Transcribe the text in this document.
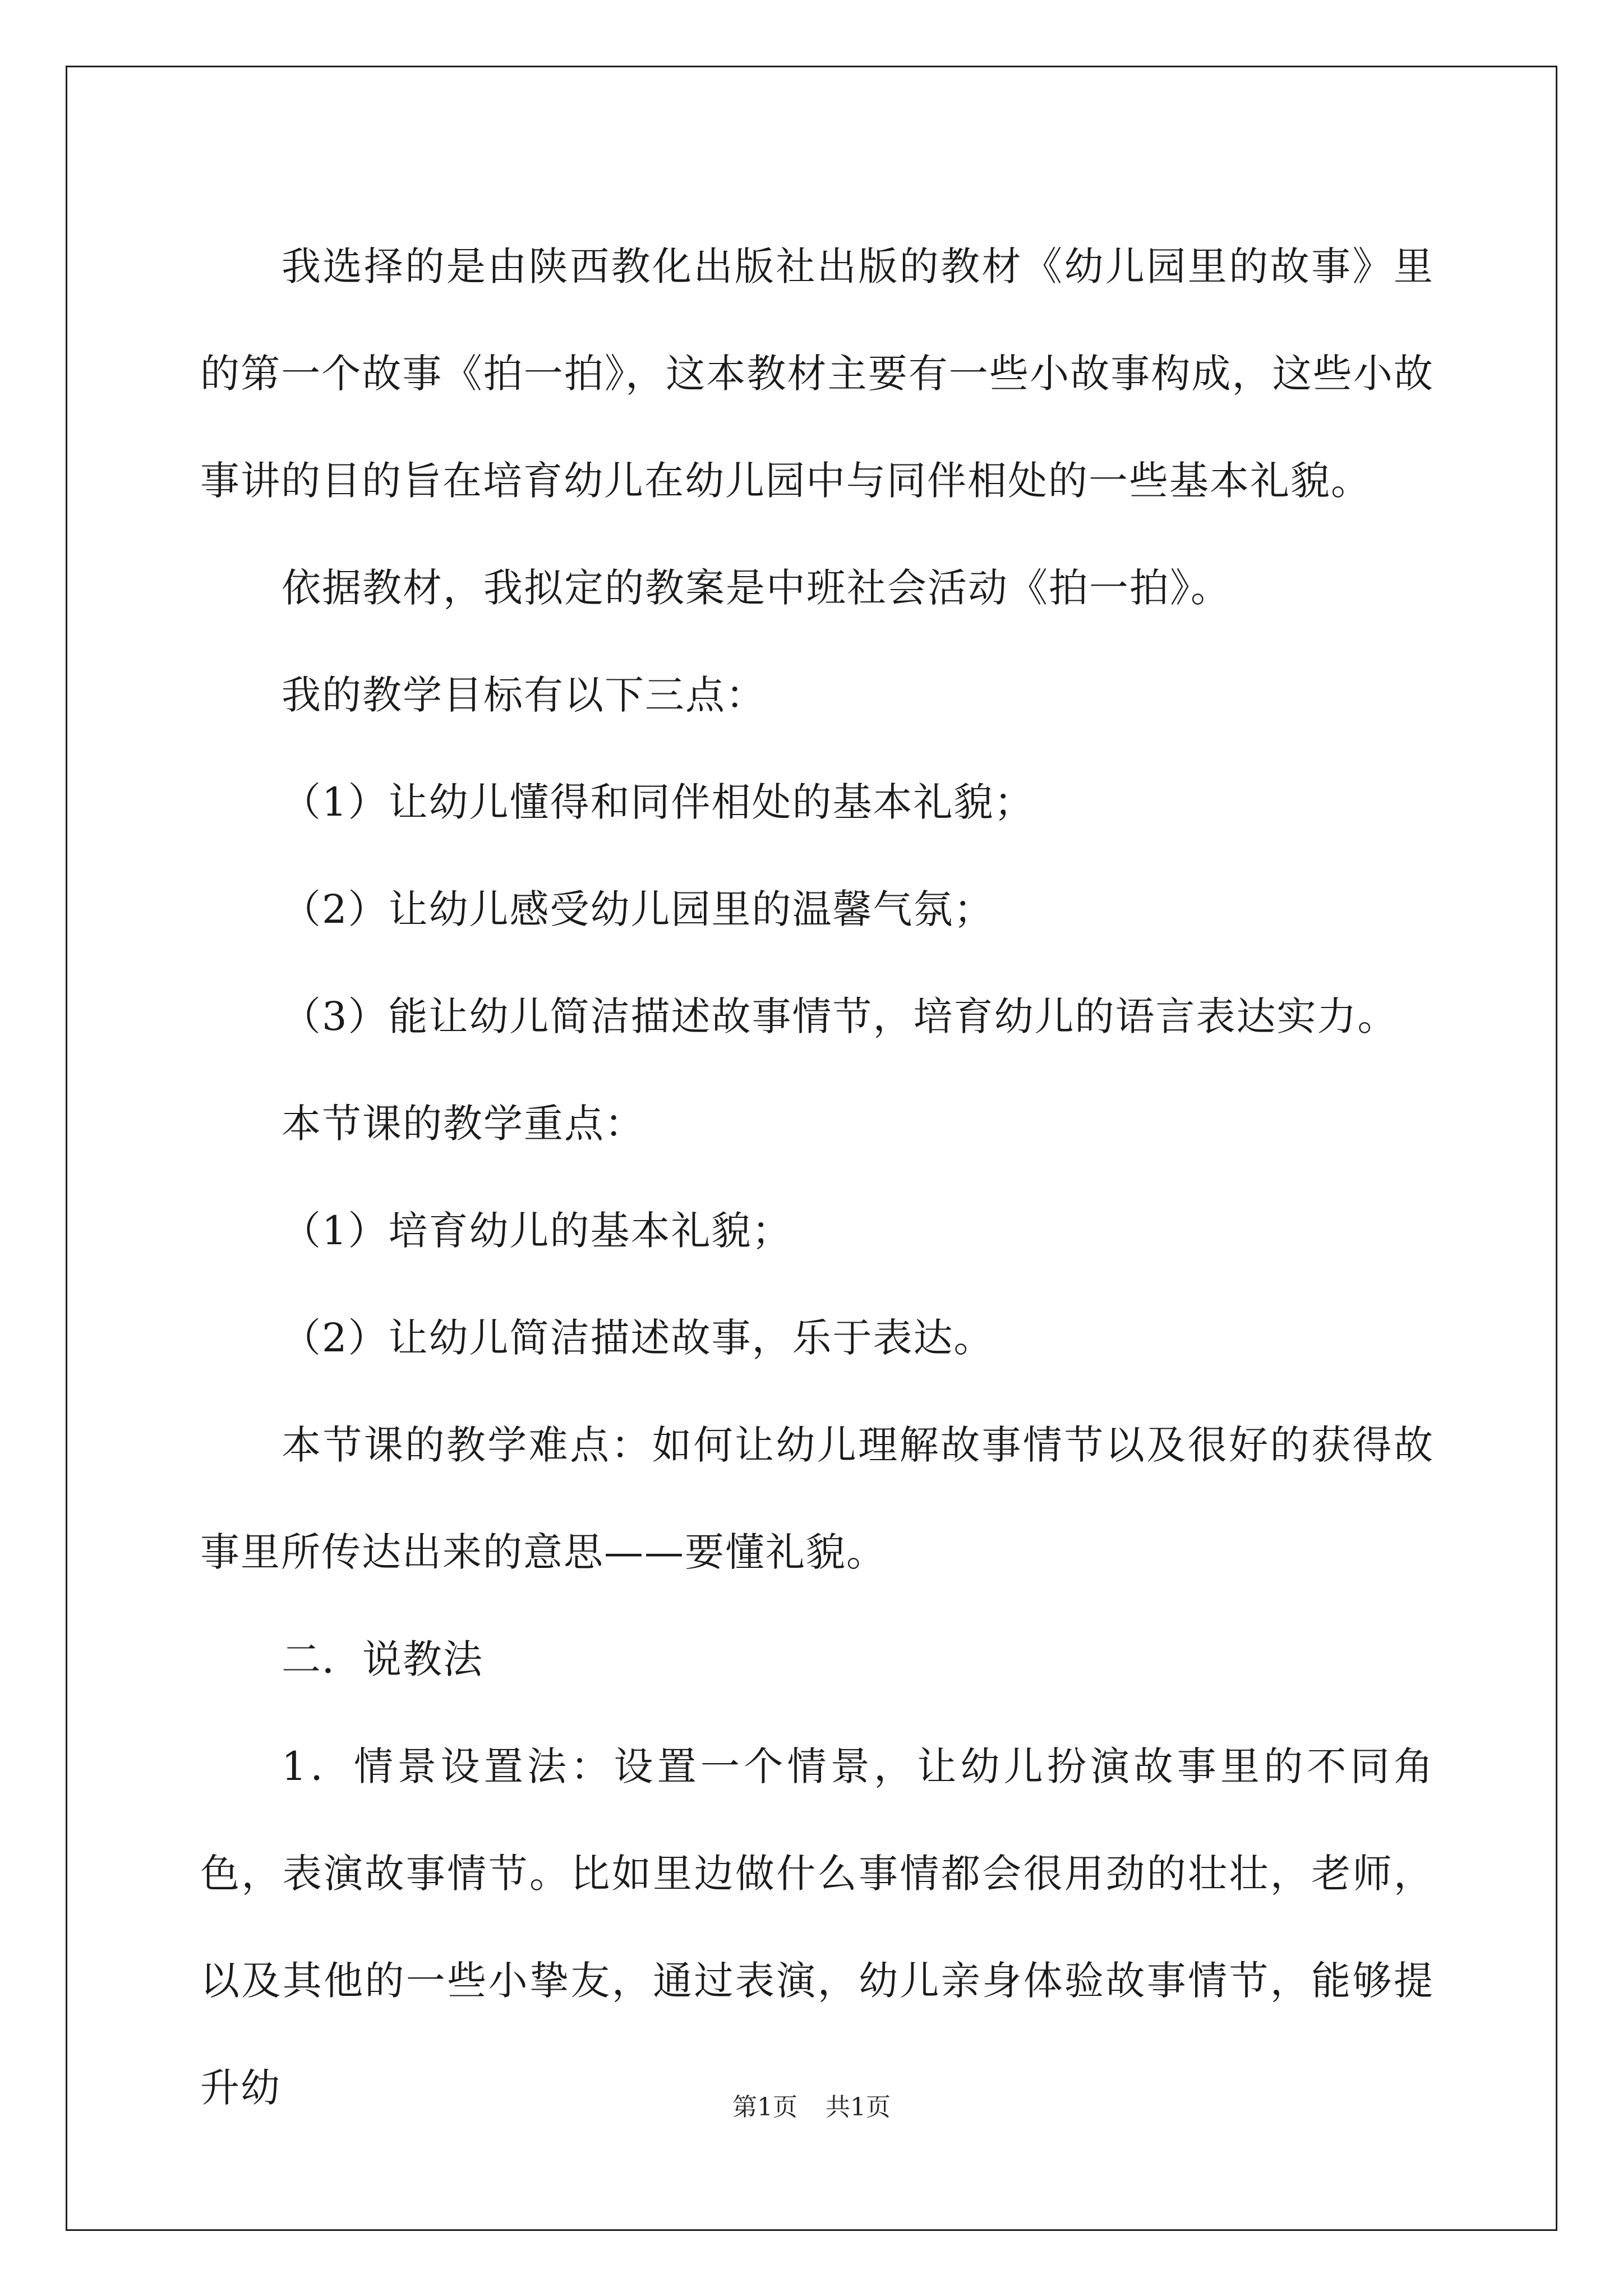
我选择的是由陕西教化出版社出版的教材《幼儿园里的故事》里的第一个故事《拍一拍》，这本教材主要有一些小故事构成，这些小故事讲的目的旨在培育幼儿在幼儿园中与同伴相处的一些基本礼貌。

依据教材，我拟定的教案是中班社会活动《拍一拍》。

我的教学目标有以下三点：

（1）让幼儿懂得和同伴相处的基本礼貌；

（2）让幼儿感受幼儿园里的温馨气氛；

（3）能让幼儿简洁描述故事情节，培育幼儿的语言表达实力。

本节课的教学重点：

（1）培育幼儿的基本礼貌；

（2）让幼儿简洁描述故事，乐于表达。

本节课的教学难点：如何让幼儿理解故事情节以及很好的获得故事里所传达出来的意思——要懂礼貌。

二．说教法

1．情景设置法：设置一个情景，让幼儿扮演故事里的不同角色，表演故事情节。比如里边做什么事情都会很用劲的壮壮，老师，以及其他的一些小挚友，通过表演，幼儿亲身体验故事情节，能够提升幼	第1页 共1页
